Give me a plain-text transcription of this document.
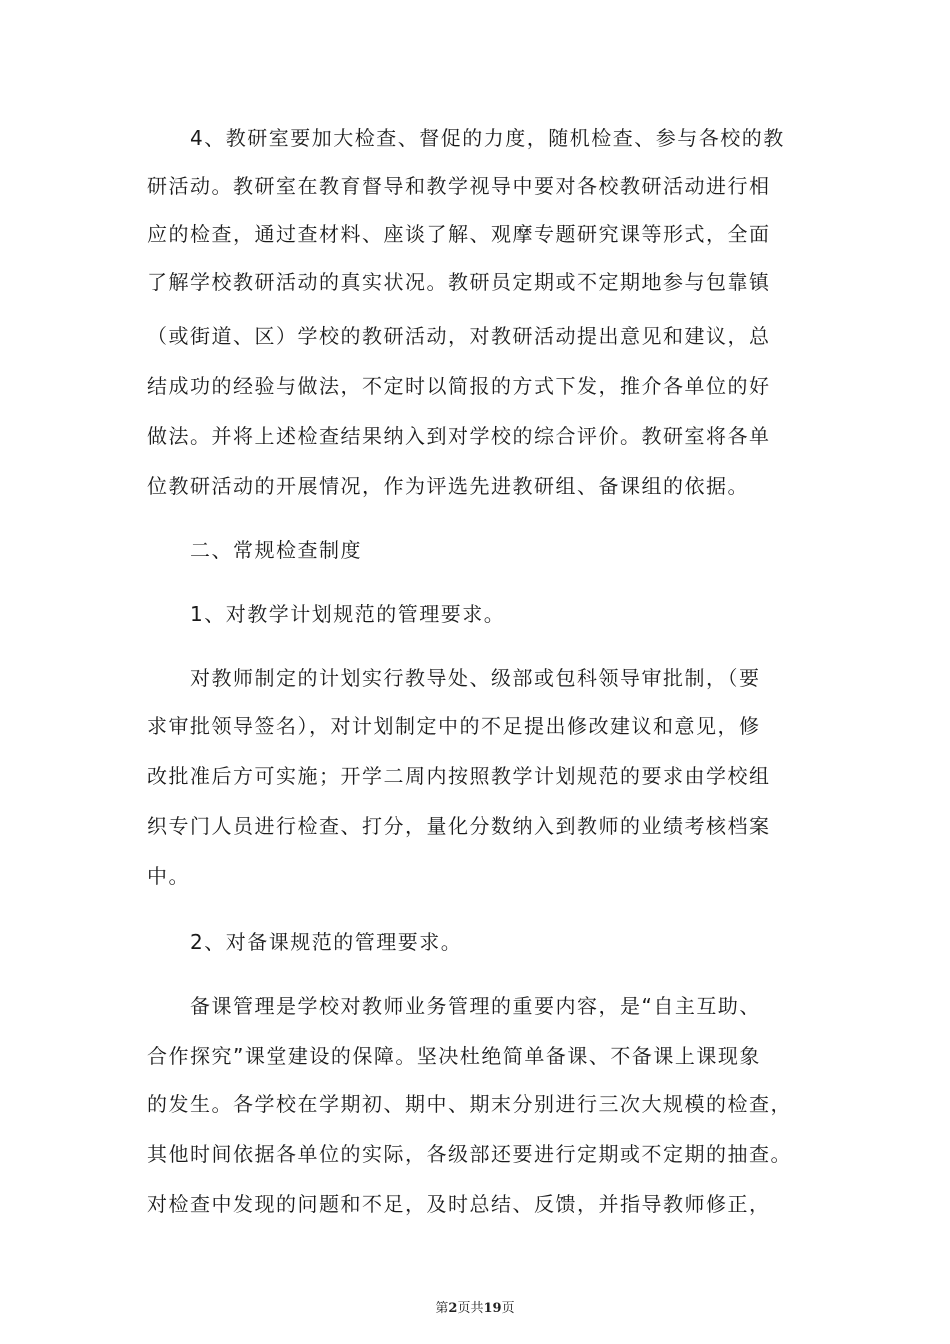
4、教研室要加大检查、督促的力度，随机检查、参与各校的教
研活动。教研室在教育督导和教学视导中要对各校教研活动进行相
应的检查，通过查材料、座谈了解、观摩专题研究课等形式，全面
了解学校教研活动的真实状况。教研员定期或不定期地参与包靠镇
（或街道、区）学校的教研活动，对教研活动提出意见和建议，总
结成功的经验与做法，不定时以简报的方式下发，推介各单位的好
做法。并将上述检查结果纳入到对学校的综合评价。教研室将各单
位教研活动的开展情况，作为评选先进教研组、备课组的依据。
二、常规检查制度
1、对教学计划规范的管理要求。
对教师制定的计划实行教导处、级部或包科领导审批制，（要
求审批领导签名），对计划制定中的不足提出修改建议和意见，修
改批准后方可实施；开学二周内按照教学计划规范的要求由学校组
织专门人员进行检查、打分，量化分数纳入到教师的业绩考核档案
中。
2、对备课规范的管理要求。
备课管理是学校对教师业务管理的重要内容，是“自主互助、
合作探究”课堂建设的保障。坚决杜绝简单备课、不备课上课现象
的发生。各学校在学期初、期中、期末分别进行三次大规模的检查，
其他时间依据各单位的实际，各级部还要进行定期或不定期的抽查。
对检查中发现的问题和不足，及时总结、反馈，并指导教师修正，
第2页共19页
